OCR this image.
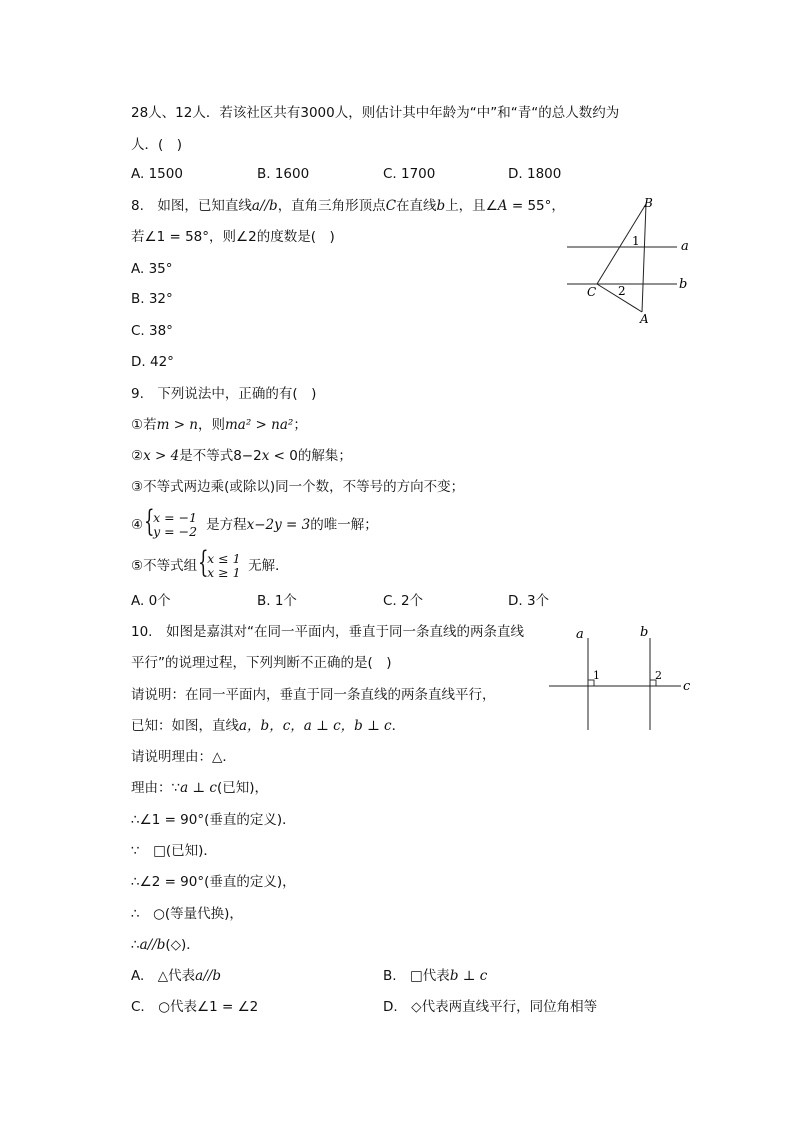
28人、12人．若该社区共有3000人，则估计其中年龄为“中”和“青“的总人数约为
人．(　)
A. 1500	B. 1600	C. 1700	D. 1800
8.　如图，已知直线a//b，直角三角形顶点C在直线b上，且∠A = 55°，
若∠1 = 58°，则∠2的度数是(　)
A. 35°
B. 32°
C. 38°
D. 42°
B
1	a
b
C 2
A
9.　下列说法中，正确的有(　)
①若m > n，则ma² > na²；
②x > 4是不等式8−2x < 0的解集；
③不等式两边乘(或除以)同一个数，不等号的方向不变；
④ {
x = −1
y = −2 是方程x−2y = 3的唯一解；
⑤不等式组 {
x ≤ 1
x ≥ 1 无解．
A. 0个	B. 1个	C. 2个	D. 3个
10.　如图是嘉淇对“在同一平面内，垂直于同一条直线的两条直线
平行”的说理过程，下列判断不正确的是(　)
请说明：在同一平面内，垂直于同一条直线的两条直线平行，
已知：如图，直线a，b，c，a ⊥ c，b ⊥ c．
请说明理由：△．
理由：∵a ⊥ c(已知)，
∴∠1 = 90°(垂直的定义)．
∵　□(已知)．
∴∠2 = 90°(垂直的定义)，
∴　○(等量代换)，
∴a//b(◇)．
A.　△代表a//b	B.　□代表b ⊥ c
C.　○代表∠1 = ∠2	D.　◇代表两直线平行，同位角相等
a	b
c
1	2
